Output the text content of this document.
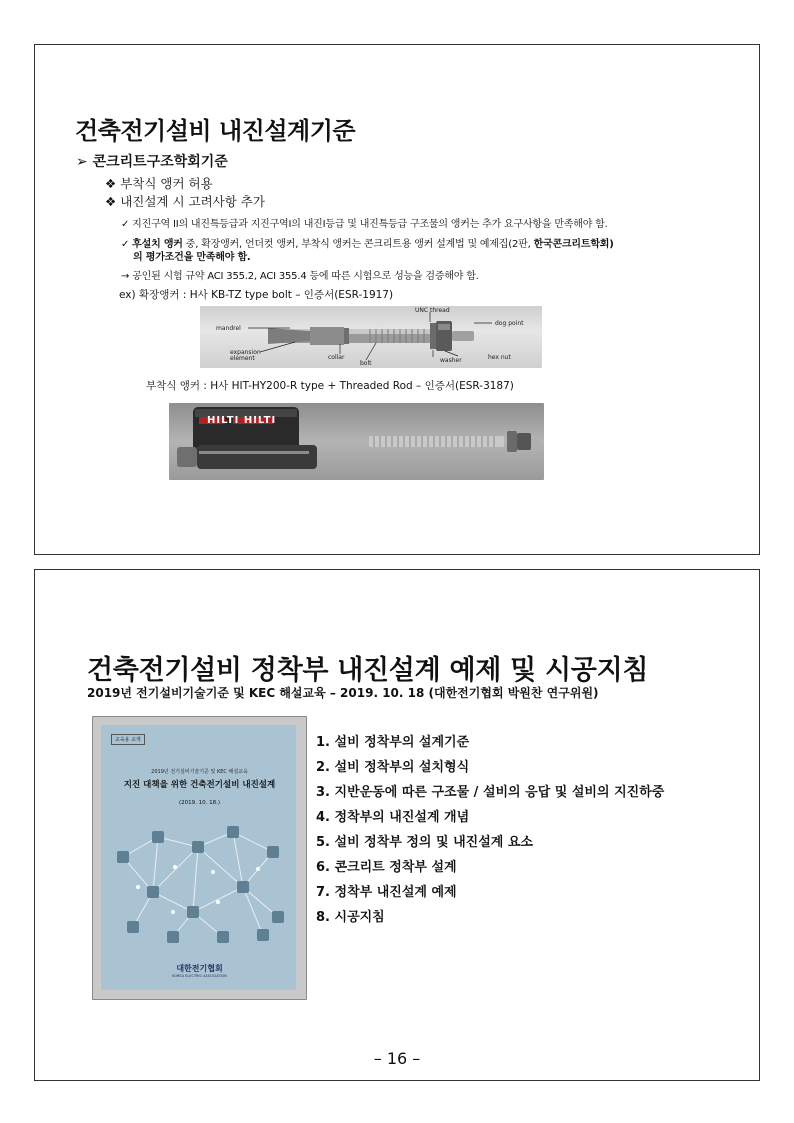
건축전기설비 내진설계기준
➢ 콘크리트구조학회기준
❖ 부착식 앵커 허용
❖ 내진설계 시 고려사항 추가
✓ 지진구역 II의 내진특등급과 지진구역I의 내진I등급 및 내진특등급 구조물의 앵커는 추가 요구사항을 만족해야 함.
✓ 후설치 앵커 중, 확장앵커, 언더컷 앵커, 부착식 앵커는 콘크리트용 앵커 설계법 및 예제집(2판, 한국콘크리트학회)
의 평가조건을 만족해야 함.
→ 공인된 시험 규약 ACI 355.2, ACI 355.4 등에 따른 시험으로 성능을 검증해야 함.
ex) 확장앵커 : H사 KB-TZ type bolt – 인증서(ESR-1917)
UNC thread
dog point
mandrel
expansion
element	collar
bolt	washer	hex nut
부착식 앵커 : H사 HIT-HY200-R type + Threaded Rod – 인증서(ESR-3187)
HILTI HILTI
건축전기설비 정착부 내진설계 예제 및 시공지침
2019년 전기설비기술기준 및 KEC 해설교육 – 2019. 10. 18 (대한전기협회 박원찬 연구위원)
교육용 교재
2019년 전기설비기술기준 및 KEC 해설교육
지진 대책을 위한 건축전기설비 내진설계
(2019. 10. 18.)
대한전기협회
KOREA ELECTRIC ASSOCIATION
1. 설비 정착부의 설계기준
2. 설비 정착부의 설치형식
3. 지반운동에 따른 구조물 / 설비의 응답 및 설비의 지진하중
4. 정착부의 내진설계 개념
5. 설비 정착부 정의 및 내진설계 요소
6. 콘크리트 정착부 설계
7. 정착부 내진설계 예제
8. 시공지침
– 16 –
